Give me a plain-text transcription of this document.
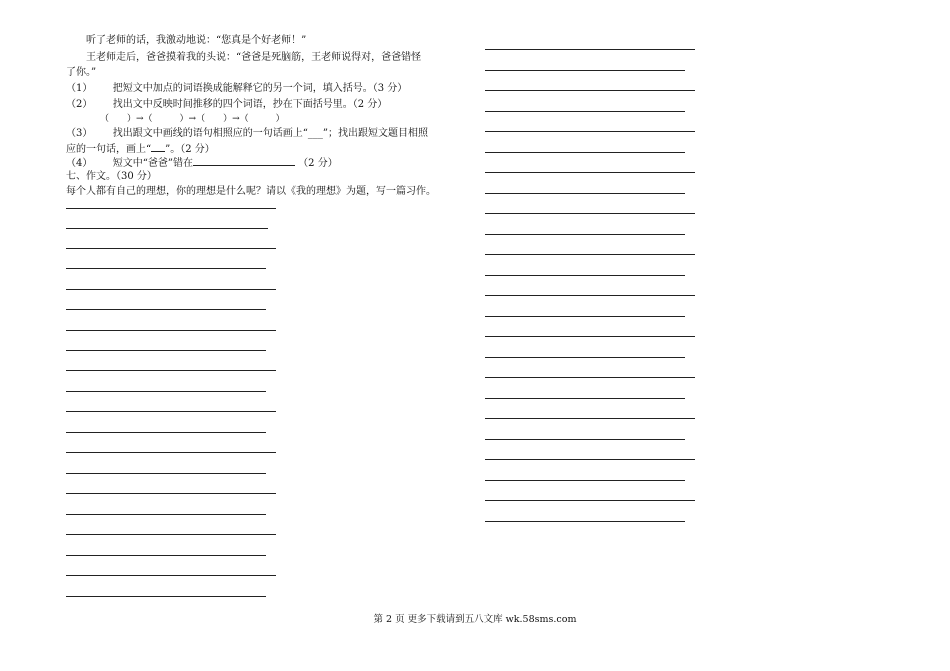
听了老师的话，我激动地说：“您真是个好老师！”
王老师走后，爸爸摸着我的头说：“爸爸是死脑筋，王老师说得对，爸爸错怪
了你。”
（1） 把短文中加点的词语换成能解释它的另一个词，填入括号。（3 分）
（2） 找出文中反映时间推移的四个词语，抄在下面括号里。（2 分）
（　　）→（　　　）→（　　）→（　　　）
（3） 找出跟文中画线的语句相照应的一句话画上“___”；找出跟短文题目相照
应的一句话，画上“ ”。（2 分）
（4） 短文中“爸爸”错在	（2 分）
七、作文。（30 分）
每个人都有自己的理想，你的理想是什么呢？请以《我的理想》为题，写一篇习作。
第 2 页 更多下载请到五八文库 wk.58sms.com
